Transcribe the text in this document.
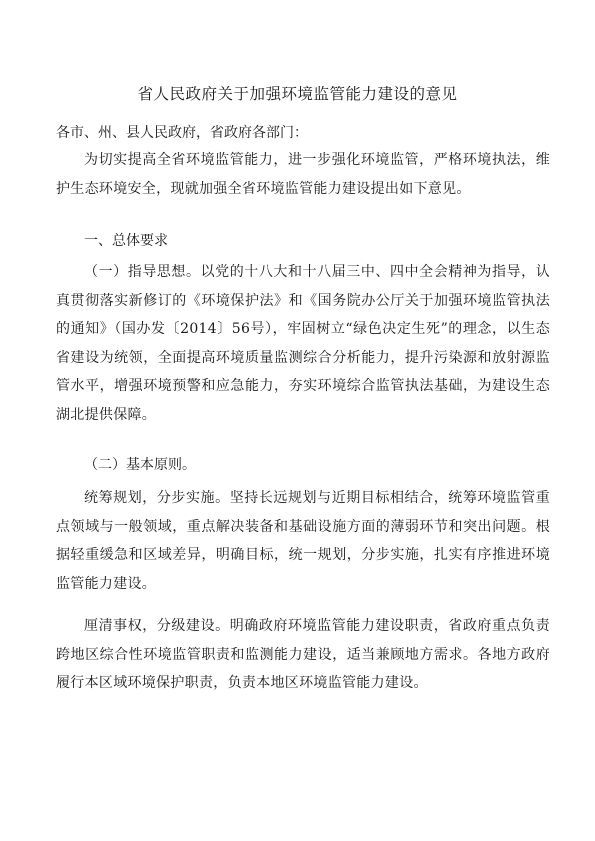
省人民政府关于加强环境监管能力建设的意见

各市、州、县人民政府，省政府各部门：

为切实提高全省环境监管能力，进一步强化环境监管，严格环境执法，维护生态环境安全，现就加强全省环境监管能力建设提出如下意见。

一、总体要求

（一）指导思想。以党的十八大和十八届三中、四中全会精神为指导，认真贯彻落实新修订的《环境保护法》和《国务院办公厅关于加强环境监管执法的通知》（国办发〔2014〕56号），牢固树立“绿色决定生死”的理念，以生态省建设为统领，全面提高环境质量监测综合分析能力，提升污染源和放射源监管水平，增强环境预警和应急能力，夯实环境综合监管执法基础，为建设生态湖北提供保障。

（二）基本原则。

统筹规划，分步实施。坚持长远规划与近期目标相结合，统筹环境监管重点领域与一般领域，重点解决装备和基础设施方面的薄弱环节和突出问题。根据轻重缓急和区域差异，明确目标，统一规划，分步实施，扎实有序推进环境监管能力建设。

厘清事权，分级建设。明确政府环境监管能力建设职责，省政府重点负责跨地区综合性环境监管职责和监测能力建设，适当兼顾地方需求。各地方政府履行本区域环境保护职责，负责本地区环境监管能力建设。
